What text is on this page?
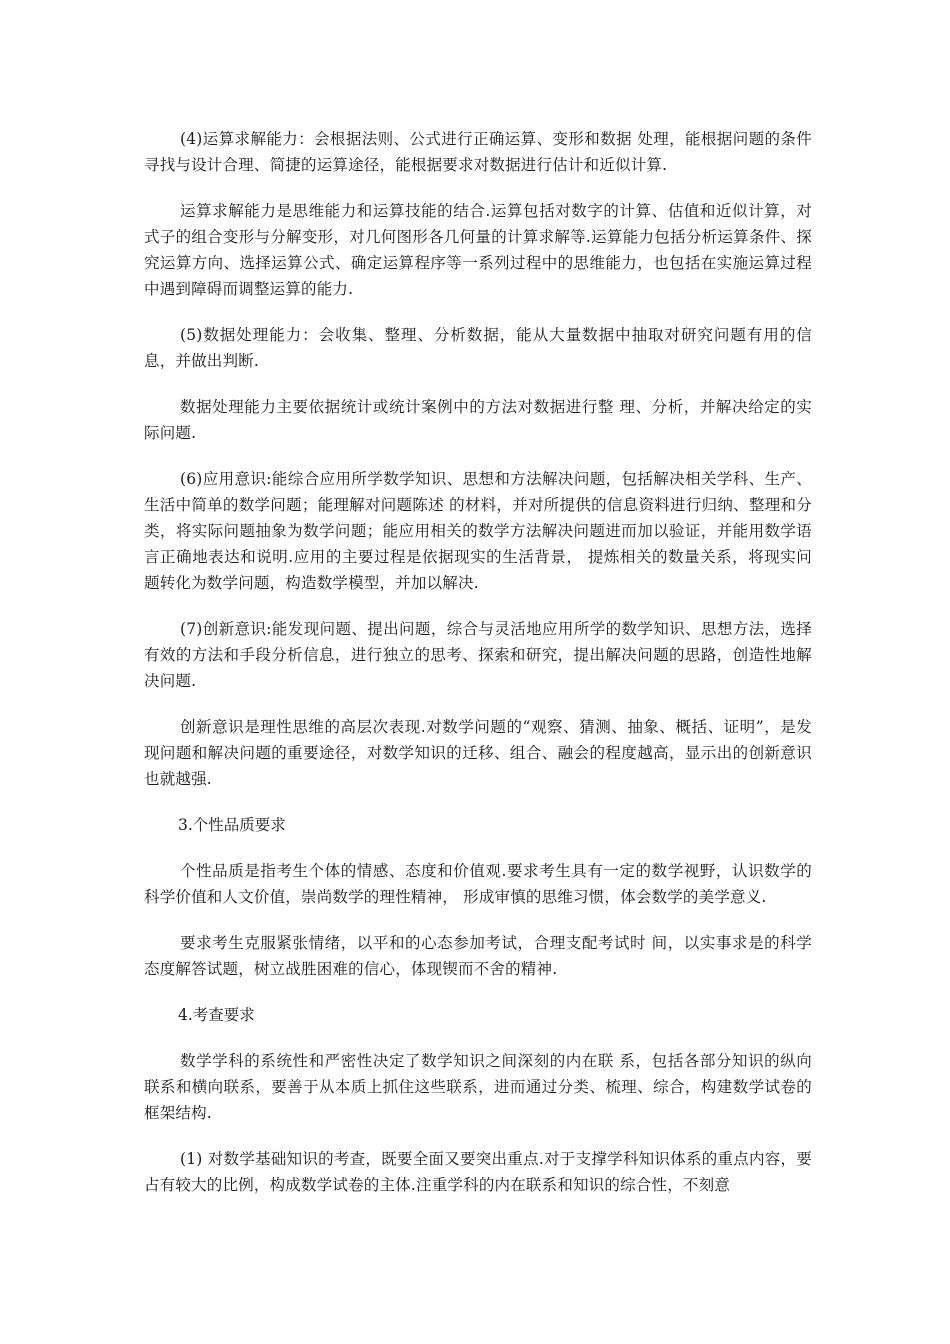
(4)运算求解能力：会根据法则、公式进行正确运算、变形和数据 处理，能根据问题的条件寻找与设计合理、简捷的运算途径，能根据要求对数据进行估计和近似计算.

运算求解能力是思维能力和运算技能的结合.运算包括对数字的计算、估值和近似计算，对式子的组合变形与分解变形，对几何图形各几何量的计算求解等.运算能力包括分析运算条件、探究运算方向、选择运算公式、确定运算程序等一系列过程中的思维能力，也包括在实施运算过程中遇到障碍而调整运算的能力.

(5)数据处理能力：会收集、整理、分析数据，能从大量数据中抽取对研究问题有用的信息，并做出判断.

数据处理能力主要依据统计或统计案例中的方法对数据进行整 理、分析，并解决给定的实际问题.

(6)应用意识:能综合应用所学数学知识、思想和方法解决问题，包括解决相关学科、生产、生活中简单的数学问题；能理解对问题陈述 的材料，并对所提供的信息资料进行归纳、整理和分类，将实际问题抽象为数学问题；能应用相关的数学方法解决问题进而加以验证，并能用数学语言正确地表达和说明.应用的主要过程是依据现实的生活背景， 提炼相关的数量关系，将现实问题转化为数学问题，构造数学模型，并加以解决.

(7)创新意识:能发现问题、提出问题，综合与灵活地应用所学的数学知识、思想方法，选择有效的方法和手段分析信息，进行独立的思考、探索和研究，提出解决问题的思路，创造性地解决问题.

创新意识是理性思维的高层次表现.对数学问题的“观察、猜测、抽象、概括、证明”，是发现问题和解决问题的重要途径，对数学知识的迁移、组合、融会的程度越高，显示出的创新意识也就越强.

3.个性品质要求

个性品质是指考生个体的情感、态度和价值观.要求考生具有一定的数学视野，认识数学的科学价值和人文价值，崇尚数学的理性精神， 形成审慎的思维习惯，体会数学的美学意义.

要求考生克服紧张情绪，以平和的心态参加考试，合理支配考试时 间，以实事求是的科学态度解答试题，树立战胜困难的信心，体现锲而不舍的精神.

4.考查要求

数学学科的系统性和严密性决定了数学知识之间深刻的内在联 系，包括各部分知识的纵向联系和横向联系，要善于从本质上抓住这些联系，进而通过分类、梳理、综合，构建数学试卷的框架结构.

(1) 对数学基础知识的考查，既要全面又要突出重点.对于支撑学科知识体系的重点内容，要占有较大的比例，构成数学试卷的主体.注重学科的内在联系和知识的综合性，不刻意
